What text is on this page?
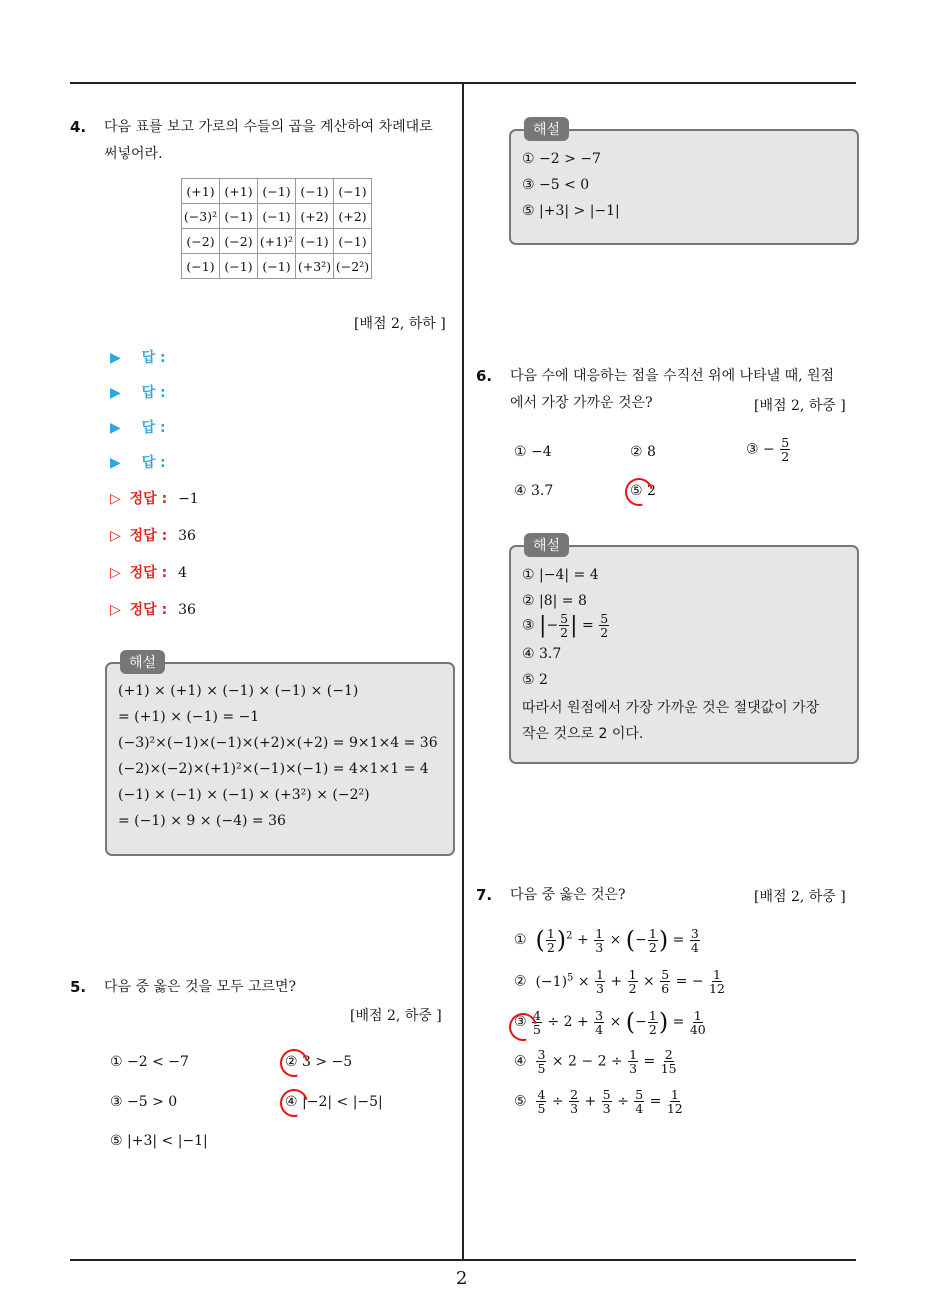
2
4. 다음 표를 보고 가로의 수들의 곱을 계산하여 차례대로
써넣어라.
(+1)	(+1)	(−1)	(−1)	(−1)
(−3)²	(−1)	(−1)	(+2)	(+2)
(−2)	(−2)	(+1)²	(−1)	(−1)
(−1)	(−1)	(−1)	(+3²)	(−2²)
[배점 2, 하하 ]
▶ 답 :
▶ 답 :
▶ 답 :
▶ 답 :
▷ 정답 : −1
▷ 정답 : 36
▷ 정답 : 4
▷ 정답 : 36
해설
(+1) × (+1) × (−1) × (−1) × (−1)
= (+1) × (−1) = −1
(−3)²×(−1)×(−1)×(+2)×(+2) = 9×1×4 = 36
(−2)×(−2)×(+1)²×(−1)×(−1) = 4×1×1 = 4
(−1) × (−1) × (−1) × (+3²) × (−2²)
= (−1) × 9 × (−4) = 36
5. 다음 중 옳은 것을 모두 고르면?
[배점 2, 하중 ]
① −2 < −7	② 3 > −5
③ −5 > 0	④ |−2| < |−5|
⑤ |+3| < |−1|
해설
① −2 > −7
③ −5 < 0
⑤ |+3| > |−1|
6. 다음 수에 대응하는 점을 수직선 위에 나타낼 때, 원점
에서 가장 가까운 것은?	[배점 2, 하중 ]
① −4	② 8	③ − $\frac{5}{2}$
④ 3.7	⑤ 2
해설
① |−4| = 4
② |8| = 8
③ |− $\frac{5}{2}$ | = $\frac{5}{2}$
④ 3.7
⑤ 2
따라서 원점에서 가장 가까운 것은 절댓값이 가장
작은 것으로 2 이다.
7. 다음 중 옳은 것은?	[배점 2, 하중 ]
① ( $\frac{1}{2} )^2 + \frac{1}{3}$ × (− $\frac{1}{2}$ ) = $\frac{3}{4}$
② $(-1)^5 \times \frac{1}{3} + \frac{1}{2} \times \frac{5}{6}$ = − $\frac{1}{12}$
③ $\frac{4}{5} \div 2 + \frac{3}{4}$ × (− $\frac{1}{2}$ ) = $\frac{1}{40}$
④ $\frac{3}{5} \times 2 - 2 \div \frac{1}{3} = \frac{2}{15}$
⑤ $\frac{4}{5} \div \frac{2}{3} + \frac{5}{3} \div \frac{5}{4} = \frac{1}{12}$
